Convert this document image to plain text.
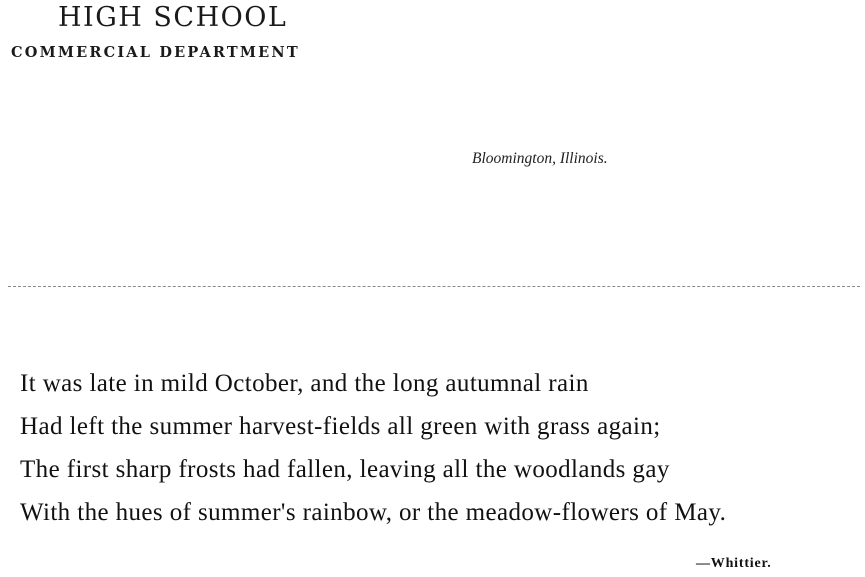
HIGH SCHOOL
COMMERCIAL DEPARTMENT
Bloomington, Illinois.
It was late in mild October, and the long autumnal rain
Had left the summer harvest-fields all green with grass again;
The first sharp frosts had fallen, leaving all the woodlands gay
With the hues of summer's rainbow, or the meadow-flowers of May.
—Whittier.
